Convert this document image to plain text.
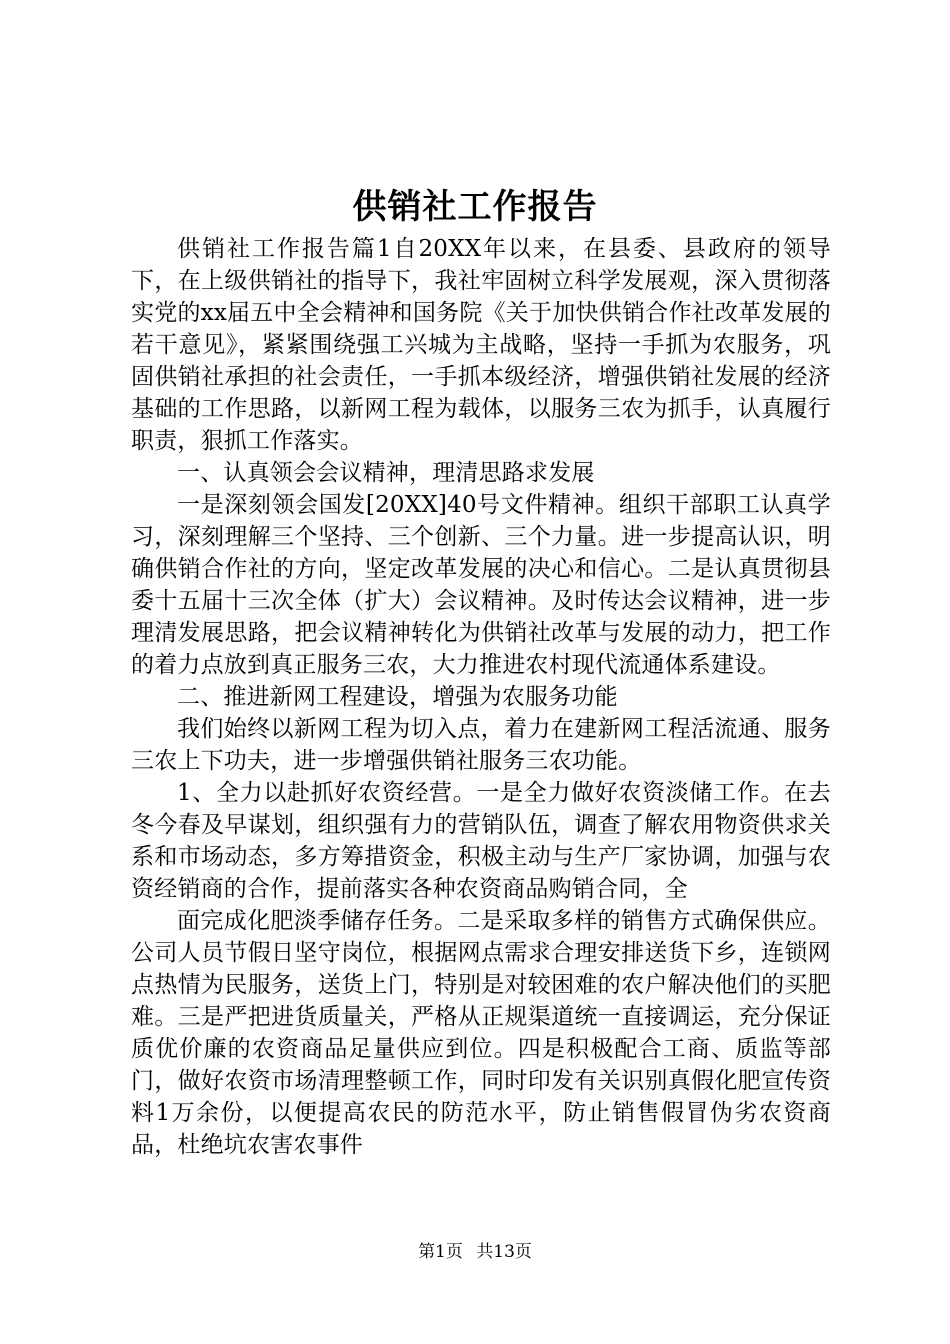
供销社工作报告

供销社工作报告篇1自20XX年以来，在县委、县政府的领导下，在上级供销社的指导下，我社牢固树立科学发展观，深入贯彻落实党的xx届五中全会精神和国务院《关于加快供销合作社改革发展的若干意见》，紧紧围绕强工兴城为主战略，坚持一手抓为农服务，巩固供销社承担的社会责任，一手抓本级经济，增强供销社发展的经济基础的工作思路，以新网工程为载体，以服务三农为抓手，认真履行职责，狠抓工作落实。

一、认真领会会议精神，理清思路求发展

一是深刻领会国发[20XX]40号文件精神。组织干部职工认真学习，深刻理解三个坚持、三个创新、三个力量。进一步提高认识，明确供销合作社的方向，坚定改革发展的决心和信心。二是认真贯彻县委十五届十三次全体（扩大）会议精神。及时传达会议精神，进一步理清发展思路，把会议精神转化为供销社改革与发展的动力，把工作的着力点放到真正服务三农，大力推进农村现代流通体系建设。

二、推进新网工程建设，增强为农服务功能

我们始终以新网工程为切入点，着力在建新网工程活流通、服务三农上下功夫，进一步增强供销社服务三农功能。

1、全力以赴抓好农资经营。一是全力做好农资淡储工作。在去冬今春及早谋划，组织强有力的营销队伍，调查了解农用物资供求关系和市场动态，多方筹措资金，积极主动与生产厂家协调，加强与农资经销商的合作，提前落实各种农资商品购销合同，全

面完成化肥淡季储存任务。二是采取多样的销售方式确保供应。公司人员节假日坚守岗位，根据网点需求合理安排送货下乡，连锁网点热情为民服务，送货上门，特别是对较困难的农户解决他们的买肥难。三是严把进货质量关，严格从正规渠道统一直接调运，充分保证质优价廉的农资商品足量供应到位。四是积极配合工商、质监等部门，做好农资市场清理整顿工作，同时印发有关识别真假化肥宣传资料1万余份，以便提高农民的防范水平，防止销售假冒伪劣农资商品，杜绝坑农害农事件

第1页 共13页
